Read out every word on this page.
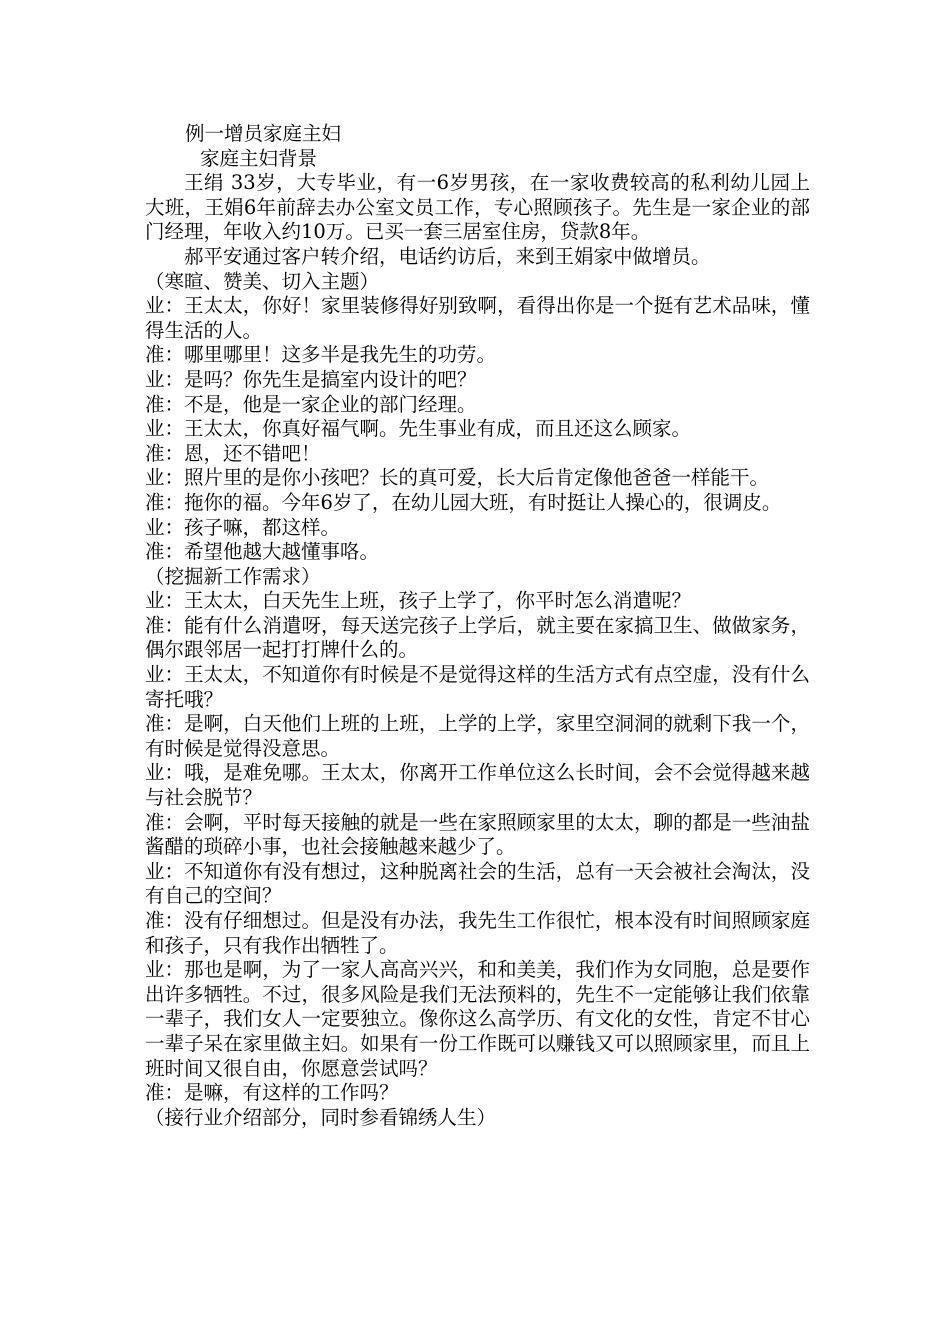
例一增员家庭主妇

家庭主妇背景

王绢 33岁，大专毕业，有一6岁男孩，在一家收费较高的私利幼儿园上大班，王娟6年前辞去办公室文员工作，专心照顾孩子。先生是一家企业的部门经理，年收入约10万。已买一套三居室住房，贷款8年。

郝平安通过客户转介绍，电话约访后，来到王娟家中做增员。

（寒暄、赞美、切入主题）

业：王太太，你好！家里装修得好别致啊，看得出你是一个挺有艺术品味，懂得生活的人。

准：哪里哪里！这多半是我先生的功劳。

业：是吗？你先生是搞室内设计的吧？

准：不是，他是一家企业的部门经理。

业：王太太，你真好福气啊。先生事业有成，而且还这么顾家。

准：恩，还不错吧！

业：照片里的是你小孩吧？长的真可爱，长大后肯定像他爸爸一样能干。

准：拖你的福。今年6岁了，在幼儿园大班，有时挺让人操心的，很调皮。

业：孩子嘛，都这样。

准：希望他越大越懂事咯。

（挖掘新工作需求）

业：王太太，白天先生上班，孩子上学了，你平时怎么消遣呢？

准：能有什么消遣呀，每天送完孩子上学后，就主要在家搞卫生、做做家务，偶尔跟邻居一起打打牌什么的。

业：王太太，不知道你有时候是不是觉得这样的生活方式有点空虚，没有什么寄托哦？

准：是啊，白天他们上班的上班，上学的上学，家里空洞洞的就剩下我一个，有时候是觉得没意思。

业：哦，是难免哪。王太太，你离开工作单位这么长时间，会不会觉得越来越与社会脱节？

准：会啊，平时每天接触的就是一些在家照顾家里的太太，聊的都是一些油盐酱醋的琐碎小事，也社会接触越来越少了。

业：不知道你有没有想过，这种脱离社会的生活，总有一天会被社会淘汰，没有自己的空间？

准：没有仔细想过。但是没有办法，我先生工作很忙，根本没有时间照顾家庭和孩子，只有我作出牺牲了。

业：那也是啊，为了一家人高高兴兴，和和美美，我们作为女同胞，总是要作出许多牺牲。不过，很多风险是我们无法预料的，先生不一定能够让我们依靠一辈子，我们女人一定要独立。像你这么高学历、有文化的女性，肯定不甘心一辈子呆在家里做主妇。如果有一份工作既可以赚钱又可以照顾家里，而且上班时间又很自由，你愿意尝试吗？

准：是嘛，有这样的工作吗？

（接行业介绍部分，同时参看锦绣人生）
